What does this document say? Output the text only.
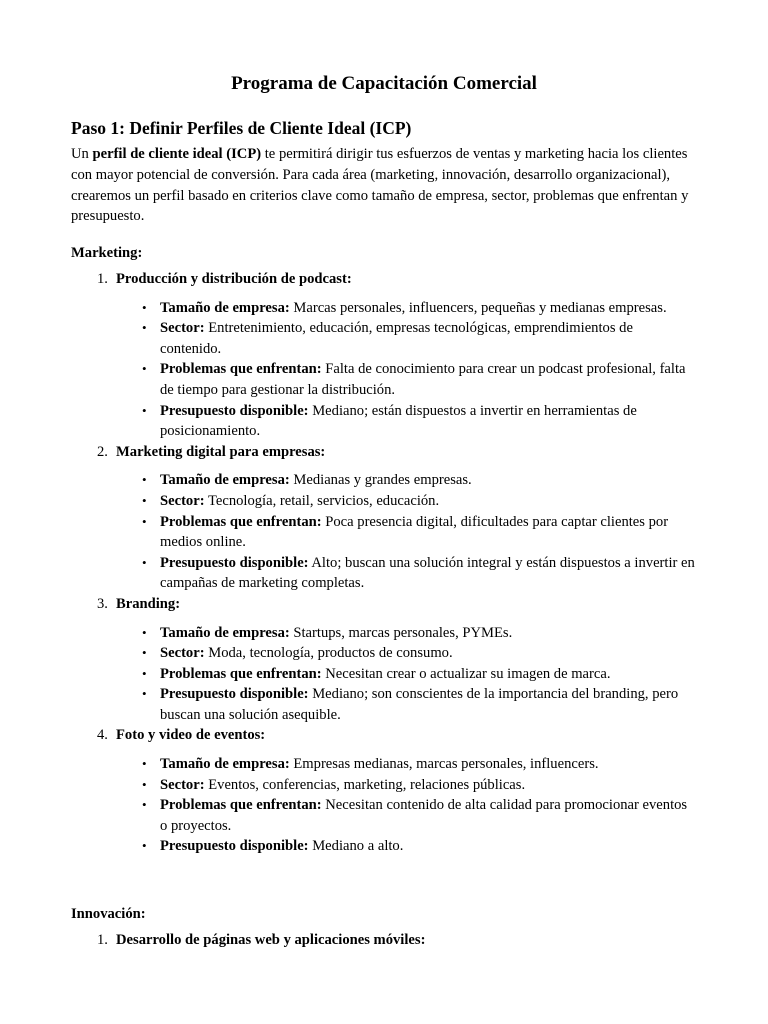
Programa de Capacitación Comercial
Paso 1: Definir Perfiles de Cliente Ideal (ICP)

Un perfil de cliente ideal (ICP) te permitirá dirigir tus esfuerzos de ventas y marketing hacia los clientes con mayor potencial de conversión. Para cada área (marketing, innovación, desarrollo organizacional), crearemos un perfil basado en criterios clave como tamaño de empresa, sector, problemas que enfrentan y presupuesto.

Marketing:

1. Producción y distribución de podcast:
• Tamaño de empresa: Marcas personales, influencers, pequeñas y medianas empresas.
• Sector: Entretenimiento, educación, empresas tecnológicas, emprendimientos de contenido.
• Problemas que enfrentan: Falta de conocimiento para crear un podcast profesional, falta de tiempo para gestionar la distribución.
• Presupuesto disponible: Mediano; están dispuestos a invertir en herramientas de posicionamiento.
2. Marketing digital para empresas:
• Tamaño de empresa: Medianas y grandes empresas.
• Sector: Tecnología, retail, servicios, educación.
• Problemas que enfrentan: Poca presencia digital, dificultades para captar clientes por medios online.
• Presupuesto disponible: Alto; buscan una solución integral y están dispuestos a invertir en campañas de marketing completas.
3. Branding:
• Tamaño de empresa: Startups, marcas personales, PYMEs.
• Sector: Moda, tecnología, productos de consumo.
• Problemas que enfrentan: Necesitan crear o actualizar su imagen de marca.
• Presupuesto disponible: Mediano; son conscientes de la importancia del branding, pero buscan una solución asequible.
4. Foto y video de eventos:
• Tamaño de empresa: Empresas medianas, marcas personales, influencers.
• Sector: Eventos, conferencias, marketing, relaciones públicas.
• Problemas que enfrentan: Necesitan contenido de alta calidad para promocionar eventos o proyectos.
• Presupuesto disponible: Mediano a alto.

Innovación:

1. Desarrollo de páginas web y aplicaciones móviles:
